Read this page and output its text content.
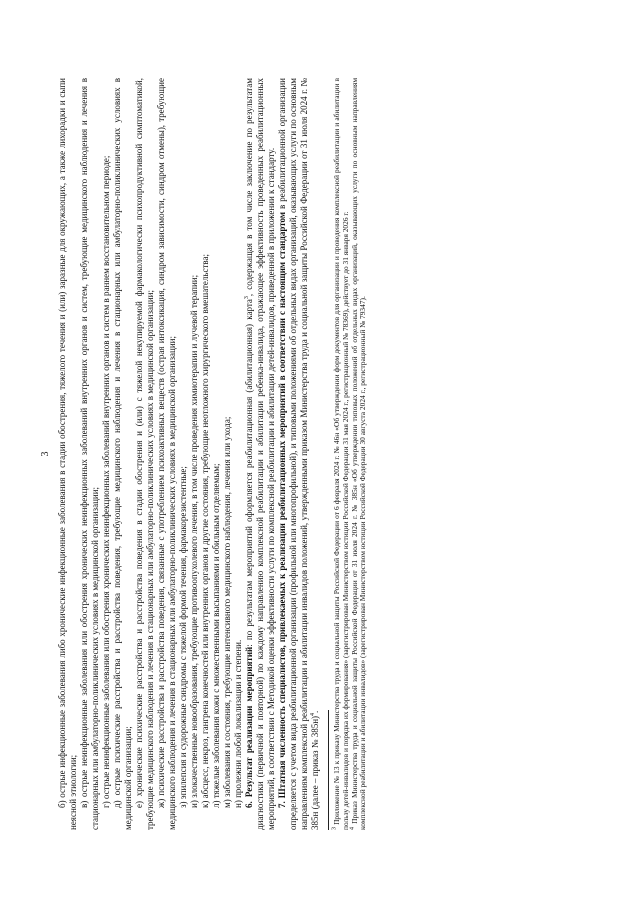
3 б) острые инфекционные заболевания либо хронические инфекционные заболевания в стадии обострения, тяжелого течения и (или) заразные для окружающих, а также лихорадки и сыпи неясной этиологии; в) острые неинфекционные заболевания или обострения хронических неинфекционных заболеваний внутренних органов и систем, требующие медицинского наблюдения и лечения в стационарных или амбулаторно-поликлинических условиях в медицинской организации; г) острые неинфекционные заболевания или обострения хронических неинфекционных заболеваний внутренних органов и систем в раннем восстановительном периоде; д) острые психические расстройства и расстройства поведения, требующие медицинского наблюдения и лечения в стационарных или амбулаторно-поликлинических условиях в медицинской организации; е) хронические психические расстройства и расстройства поведения в стадии обострения и (или) с тяжелой некупируемой фармакологически психопродуктивной симптоматикой, требующие медицинского наблюдения и лечения в стационарных или амбулаторно-поликлинических условиях в медицинской организации; ж) психические расстройства и расстройства поведения, связанные с употреблением психоактивных веществ (острая интоксикация, синдром зависимости, синдром отмены), требующие медицинского наблюдения и лечения в стационарных или амбулаторно-поликлинических условиях в медицинской организации; з) эпилепсия и судорожные синдромы с тяжелой формой течения, фармакорезистентные; и) злокачественные новообразования, требующие противоопухолевого лечения, в том числе проведения химиотерапии и лучевой терапии; к) абсцесс, некроз, гангрена конечностей или внутренних органов и другие состояния, требующие неотложного хирургического вмешательства; л) тяжелые заболевания кожи с множественными высыпаниями и обильным отделяемым; м) заболевания и состояния, требующие интенсивного медицинского наблюдения, лечения или ухода; н) пролежни любой локализации и степени. 6. Результат реализации мероприятий: по результатам мероприятий оформляется реабилитационная (абилитационная) карта$^3$, содержащая в том числе заключение по результатам диагностики (первичной и повторной) по каждому направлению комплексной реабилитации и абилитации ребенка-инвалида, отражающее эффективность проведенных реабилитационных мероприятий, в соответствии с Методикой оценки эффективности услуги по комплексной реабилитации и абилитации детей-инвалидов, приведенной в приложении к стандарту. 7. Штатная численность специалистов, привлекаемых к реализации реабилитационных мероприятий в соответствии с настоящим стандартом в реабилитационной организации определяется с учетом вида реабилитационной организации (профильной или многопрофильной), и типовыми положениями об отдельных видах организаций, оказывающих услуги по основным направлениям комплексной реабилитации и абилитации инвалидов положений, утвержденными приказом Министерства труда и социальной защиты Российской Федерации от 31 июля 2024 г. № 385н (далее – приказ № 385н)$^4$.

$^3$ Приложение № 13 к приказу Министерства труда и социальной защиты Российской Федерации от 6 февраля 2024 г. № 46н «Об утверждении форм документов для организации и проведения комплексной реабилитации и абилитации в пользу детей-инвалидов и порядка их формирования» (зарегистрирован Министерством юстиции Российской Федерации 31 мая 2024 г., регистрационный № 78369), действует до 31 января 2026 г. $^4$ Приказ Министерства труда и социальной защиты Российской Федерации от 31 июля 2024 г. № 385н «Об утверждении типовых положений об отдельных видах организаций, оказывающих услуги по основным направлениям комплексной реабилитации и абилитации инвалидов» (зарегистрирован Министерством юстиции Российской Федерации 30 августа 2024 г., регистрационный № 79347).
